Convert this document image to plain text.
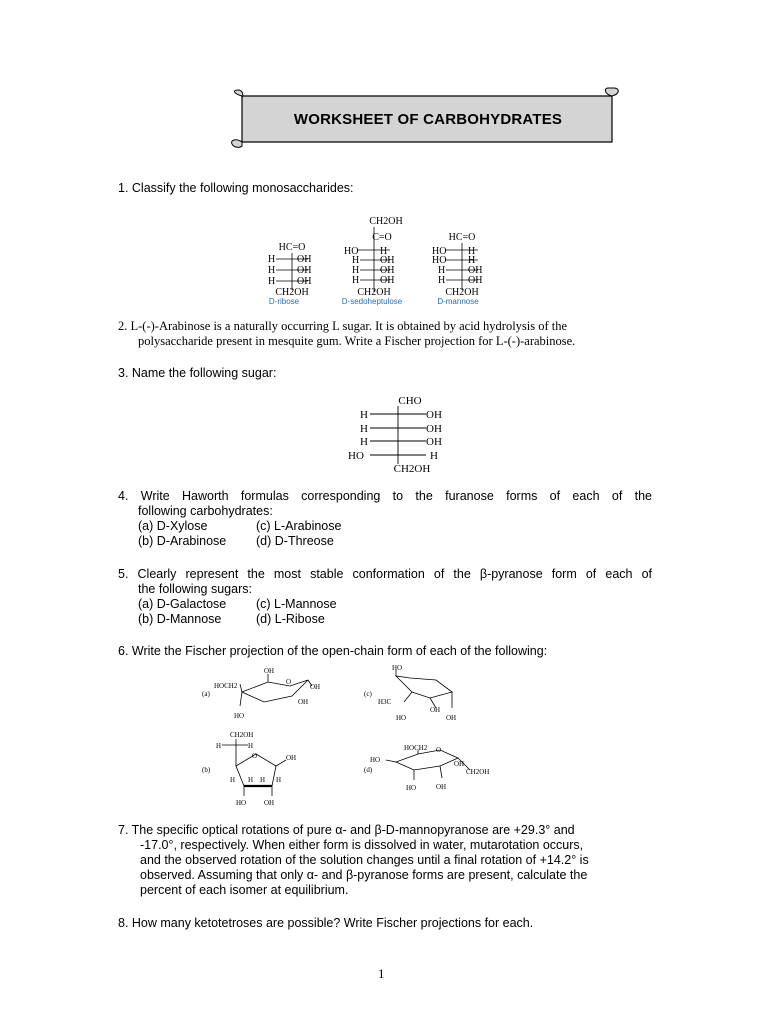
WORKSHEET OF CARBOHYDRATES
1. Classify the following monosaccharides:
HC=O
H OH
H OH
H OH
CH2OH
D-ribose
CH2OH
C=O
HO H
H OH
H OH
H OH
CH2OH
D-sedoheptulose
HC=O
HO H
HO H
H OH
H OH
CH2OH
D-mannose
2. L-(-)-Arabinose is a naturally occurring L sugar. It is obtained by acid hydrolysis of the
polysaccharide present in mesquite gum. Write a Fischer projection for L-(-)-arabinose.
3. Name the following sugar:
CHO
H	OH
H	OH
H	OH
HO	H
CH2OH
4. Write Haworth formulas corresponding to the furanose forms of each of the
following carbohydrates:
(a) D-Xylose	(c) L-Arabinose
(b) D-Arabinose (d) D-Threose
5. Clearly represent the most stable conformation of the β-pyranose form of each of
the following sugars:
(a) D-Galactose (c) L-Mannose
(b) D-Mannose	(d) L-Ribose
6. Write the Fischer projection of the open-chain form of each of the following:
(a)
HOCH2
OH
O
OH
OH
HO
(c)
HO
H3C
OH
HO	OH
(b)
CH2OH
H	H
O	OH
H H H H
HO	OH
(d)
HOCH2 O
HO
CH2OH
OH
HO	OH
7. The specific optical rotations of pure α- and β-D-mannopyranose are +29.3° and
-17.0°, respectively. When either form is dissolved in water, mutarotation occurs,
and the observed rotation of the solution changes until a final rotation of +14.2° is
observed. Assuming that only α- and β-pyranose forms are present, calculate the
percent of each isomer at equilibrium.
8. How many ketotetroses are possible? Write Fischer projections for each.
1
